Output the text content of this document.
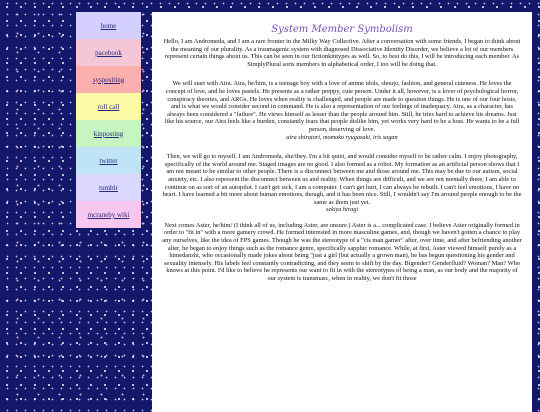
home
pacebook
syspositing
roll call
kinposting
twitter
tumblr
mcraneby wiki
System Member Symbolism

Hello, I am Andromeda, and I am a rare fronter in the Milky Way Collective. After a conversation with some friends, I began to think about the meaning of our plurality. As a traumagenic system with diagnosed Dissociative Identity Disorder, we believe a lot of our members represent certain things about us. This can be seen in our fictionkintypes as well. So, to best do this, I will be introducing each member. As SimplyPlural sorts members in alphabetical order, I too will be doing that.

We will start with Aira. Aira, he/him, is a teenage boy with a love of anime idols, shoujo, fashion, and general cuteness. He loves the concept of love, and he loves pastels. He presents as a rather preppy, cute person. Under it all, however, is a lover of psychological horror, conspiracy theories, and ARGs. He loves when reality is challenged, and people are made to question things. He is one of our four hosts, and is what we would consider second in command. He is also a representation of our feelings of inadequacy. Aira, as a character, has always been considered a "failure". He views himself as lesser than the people around him. Still, he tries hard to achieve his dreams. Just like his source, our Aira feels like a burden, constantly fears that people dislike him, yet works very hard to be a host. He wants to be a full person, deserving of love.

aira shiratori, momoko ryugasaki, iris sagan

Then, we will go to myself. I am Andromeda, she/they. I'm a bit quiet, and would consider myself to be rather calm. I enjoy photography, specifically of the world around me. Staged images are no good. I also formed as a robot. My formation as an artificial person shows that I am not meant to be similar to other people. There is a disconnect between me and those around me. This may be due to our autism, social anxiety, etc. I also represent the disconnect between us and reality. When things are difficult, and we are not mentally there, I am able to continue on as sort of an autopilot. I can't get sick, I am a computer. I can't get hurt, I can always be rebuilt. I can't feel emotions, I have no heart. I have learned a bit more about human emotions, though, and it has been nice. Still, I wouldn't say I'm around people enough to be the same as them just yet.

sekiya hiragi

Next comes Aster, he/him/ (I think all of us, including Aster, are unsure.) Aster is a... complicated case. I believe Aster originally formed in order to "fit in" with a more gamery crowd. He formed interested in more masculine games, and, though we haven't gotten a chance to play any ourselves, like the idea of FPS games. Though he was the stereotype of a "cis man gamer" after, over time, and after befriending another alter, he began to enjoy things such as the romance genre, specifically sapphic romance. While, at first, Aster viewed himself purely as a himedanshi, who occasionally made jokes about being "just a girl (but actually a grown man), he has begun questioning his gender and sexuality intensely. His labels feel constantly contradicting, and they seem to shift by the day. Bigender? Genderfluid? Woman? Man? Who knows at this point. I'd like to believe he represents our want to fit in with the stereotypes of being a man, as our body and the majority of our system is transmasc, when in reality, we don't fit those
